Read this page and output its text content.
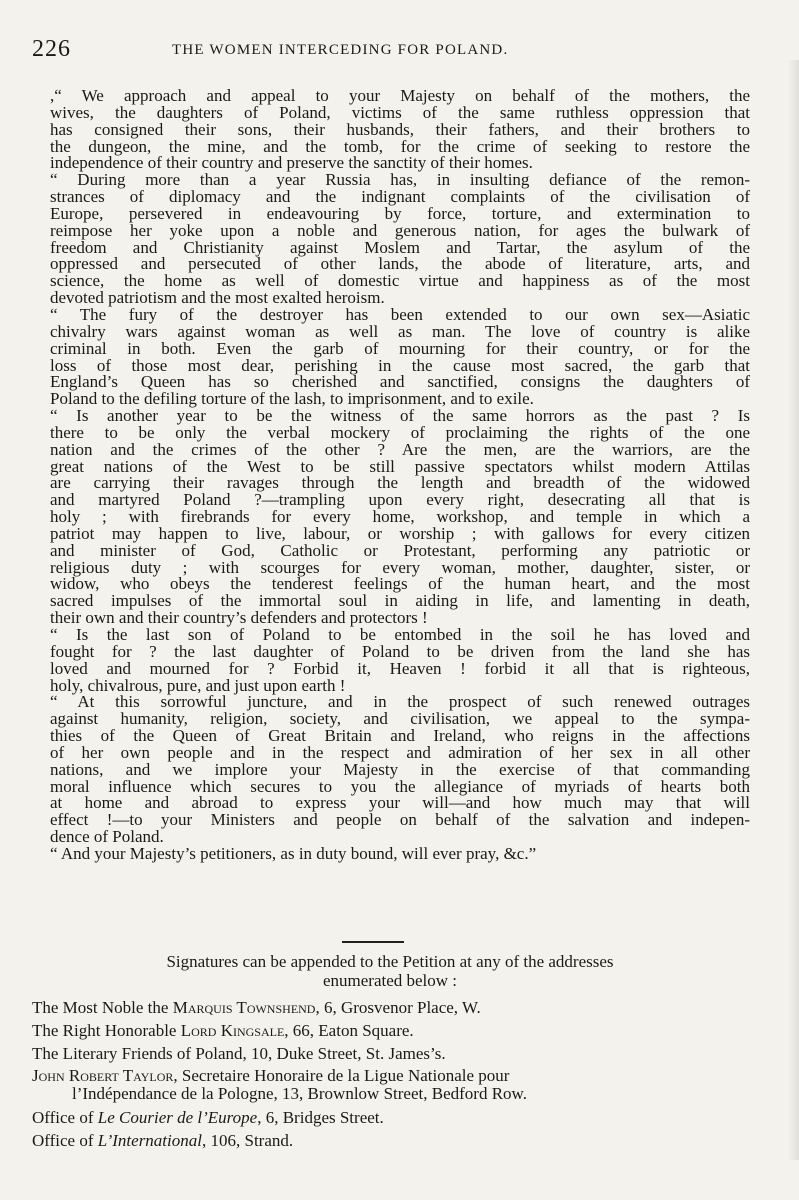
226	THE WOMEN INTERCEDING FOR POLAND.
,“ We approach and appeal to your Majesty on behalf of the mothers, the
wives, the daughters of Poland, victims of the same ruthless oppression that
has consigned their sons, their husbands, their fathers, and their brothers to
the dungeon, the mine, and the tomb, for the crime of seeking to restore the
independence of their country and preserve the sanctity of their homes.
“ During more than a year Russia has, in insulting defiance of the remon-
strances of diplomacy and the indignant complaints of the civilisation of
Europe, persevered in endeavouring by force, torture, and extermination to
reimpose her yoke upon a noble and generous nation, for ages the bulwark of
freedom and Christianity against Moslem and Tartar, the asylum of the
oppressed and persecuted of other lands, the abode of literature, arts, and
science, the home as well of domestic virtue and happiness as of the most
devoted patriotism and the most exalted heroism.
“ The fury of the destroyer has been extended to our own sex—Asiatic
chivalry wars against woman as well as man. The love of country is alike
criminal in both. Even the garb of mourning for their country, or for the
loss of those most dear, perishing in the cause most sacred, the garb that
England’s Queen has so cherished and sanctified, consigns the daughters of
Poland to the defiling torture of the lash, to imprisonment, and to exile.
“ Is another year to be the witness of the same horrors as the past ? Is
there to be only the verbal mockery of proclaiming the rights of the one
nation and the crimes of the other ? Are the men, are the warriors, are the
great nations of the West to be still passive spectators whilst modern Attilas
are carrying their ravages through the length and breadth of the widowed
and martyred Poland ?—trampling upon every right, desecrating all that is
holy ; with firebrands for every home, workshop, and temple in which a
patriot may happen to live, labour, or worship ; with gallows for every citizen
and minister of God, Catholic or Protestant, performing any patriotic or
religious duty ; with scourges for every woman, mother, daughter, sister, or
widow, who obeys the tenderest feelings of the human heart, and the most
sacred impulses of the immortal soul in aiding in life, and lamenting in death,
their own and their country’s defenders and protectors !
“ Is the last son of Poland to be entombed in the soil he has loved and
fought for ? the last daughter of Poland to be driven from the land she has
loved and mourned for ? Forbid it, Heaven ! forbid it all that is righteous,
holy, chivalrous, pure, and just upon earth !
“ At this sorrowful juncture, and in the prospect of such renewed outrages
against humanity, religion, society, and civilisation, we appeal to the sympa-
thies of the Queen of Great Britain and Ireland, who reigns in the affections
of her own people and in the respect and admiration of her sex in all other
nations, and we implore your Majesty in the exercise of that commanding
moral influence which secures to you the allegiance of myriads of hearts both
at home and abroad to express your will—and how much may that will
effect !—to your Ministers and people on behalf of the salvation and indepen-
dence of Poland.
“ And your Majesty’s petitioners, as in duty bound, will ever pray, &c.”
Signatures can be appended to the Petition at any of the addresses
enumerated below :
The Most Noble the Marquis Townshend, 6, Grosvenor Place, W.
The Right Honorable Lord Kingsale, 66, Eaton Square.
The Literary Friends of Poland, 10, Duke Street, St. James’s.
John Robert Taylor, Secretaire Honoraire de la Ligue Nationale pour
l’Indépendance de la Pologne, 13, Brownlow Street, Bedford Row.
Office of Le Courier de l’Europe, 6, Bridges Street.
Office of L’International, 106, Strand.
